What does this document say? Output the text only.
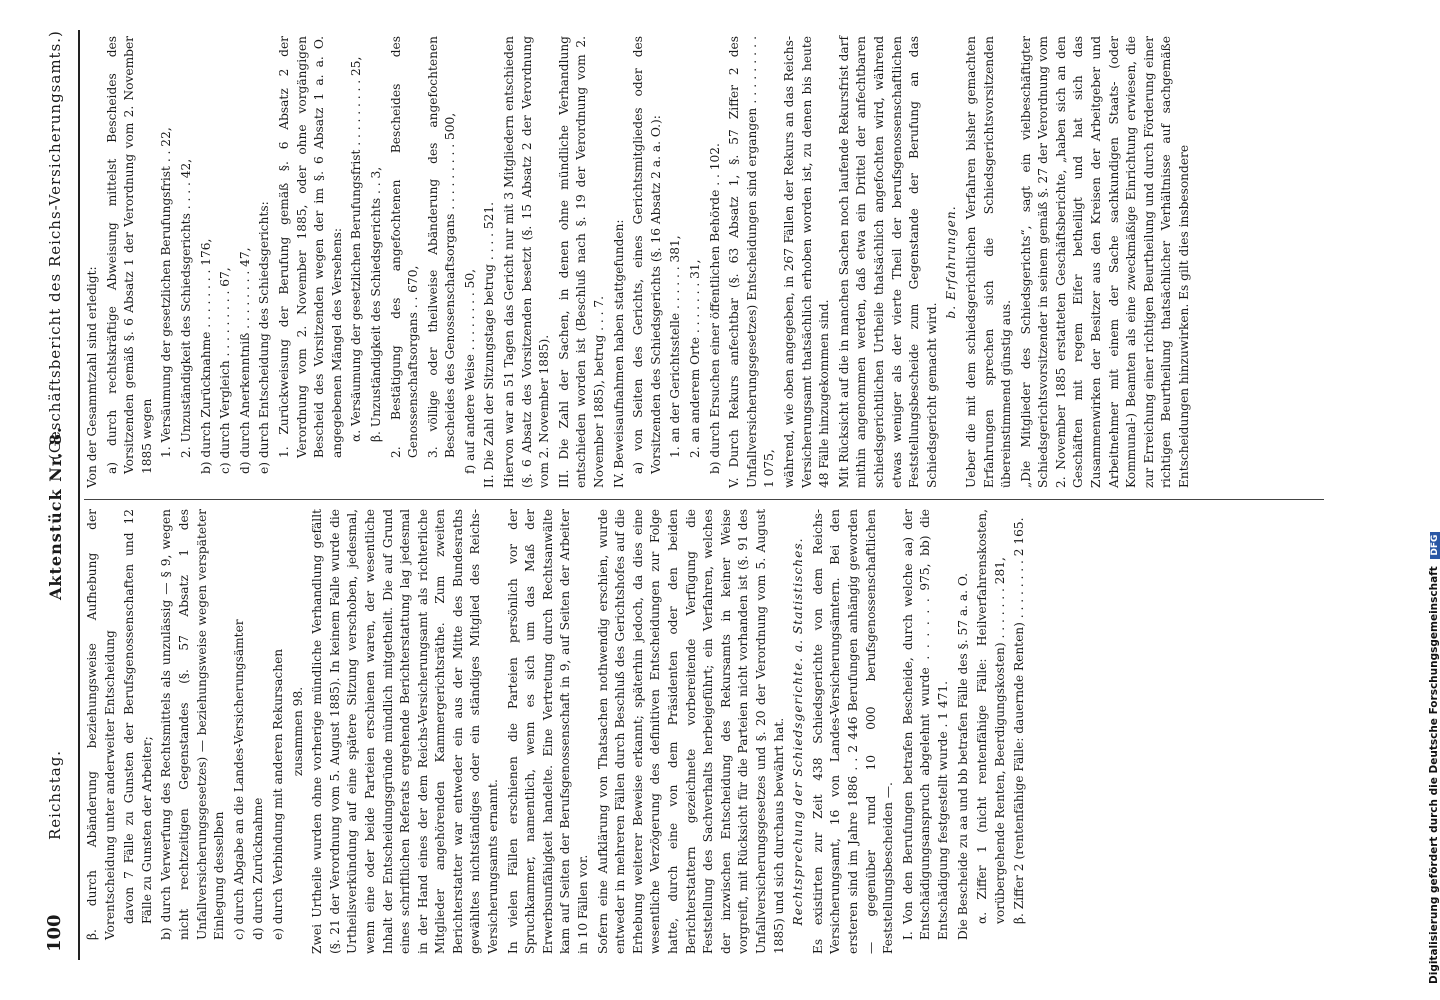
100
Reichstag.
Aktenstück Nr. 8.
(Geschäftsbericht des Reichs-Versicherungsamts.)

β. durch Abänderung beziehungsweise Aufhebung der Vorentscheidung unter anderweiter Entscheidung davon 7 Fälle zu Gunsten der Berufsgenossenschaften und 12 Fälle zu Gunsten der Arbeiter; b) durch Verwerfung des Rechtsmittels als unzulässig — § 9, wegen nicht rechtzeitigen Gegenstandes (§. 57 Absatz 1 des Unfallversicherungsgesetzes) — beziehungsweise wegen verspäteter Einlegung desselben c) durch Abgabe an die Landes-Versicherungsämter d) durch Zurücknahme e) durch Verbindung mit anderen Rekursachen zusammen 98. Zwei Urtheile wurden ohne vorherige mündliche Verhandlung gefällt (§. 21 der Verordnung vom 5. August 1885). In keinem Falle wurde die Urtheilsverkündung auf eine spätere Sitzung verschoben, jedesmal, wenn eine oder beide Parteien erschienen waren, der wesentliche Inhalt der Entscheidungsgründe mündlich mitgetheilt. Die auf Grund eines schriftlichen Referats ergehende Berichterstattung lag jedesmal in der Hand eines der dem Reichs-Versicherungsamt als richterliche Mitglieder angehörenden Kammergerichtsräthe. Zum zweiten Berichterstatter war entweder ein aus der Mitte des Bundesraths gewähltes nichtständiges oder ein ständiges Mitglied des Reichs-Versicherungsamts ernannt. In vielen Fällen erschienen die Parteien persönlich vor der Spruchkammer, namentlich, wenn es sich um das Maß der Erwerbsunfähigkeit handelte. Eine Vertretung durch Rechtsanwälte kam auf Seiten der Berufsgenossenschaft in 9, auf Seiten der Arbeiter in 10 Fällen vor. Sofern eine Aufklärung von Thatsachen nothwendig erschien, wurde entweder in mehreren Fällen durch Beschluß des Gerichtshofes auf die Erhebung weiterer Beweise erkannt; späterhin jedoch, da dies eine wesentliche Verzögerung des definitiven Entscheidungen zur Folge hatte, durch eine von dem Präsidenten oder den beiden Berichterstattern gezeichnete vorbereitende Verfügung die Feststellung des Sachverhalts herbeigeführt; ein Verfahren, welches der inzwischen Entscheidung des Rekursamts in keiner Weise vorgreift, mit Rücksicht für die Parteien nicht vorhanden ist (§. 91 des Unfallversicherungsgesetzes und §. 20 der Verordnung vom 5. August 1885) und sich durchaus bewährt hat. Rechtsprechung der Schiedsgerichte. a. Statistisches. Es existirten zur Zeit 438 Schiedsgerichte von dem Reichs-Versicherungsamt, 16 von Landes-Versicherungsämtern. Bei den ersteren sind im Jahre 1886 . . 2 446 Berufungen anhängig geworden — gegenüber rund 10 000 berufsgenossenschaftlichen Feststellungsbescheiden —. I. Von den Berufungen betrafen Bescheide, durch welche aa) der Entschädigungsanspruch abgelehnt wurde . . . . . . 975, bb) die Entschädigung festgestellt wurde . 1 471. Die Bescheide zu aa und bb betrafen Fälle des §. 57 a. a. O. α. Ziffer 1 (nicht rentenfähige Fälle: Heilverfahrenskosten, vorübergehende Renten, Beerdigungskosten) . . . . . . . 281, β. Ziffer 2 (rentenfähige Fälle: dauernde Renten) . . . . . . . . 2 165.

Von der Gesammtzahl sind erledigt: a) durch rechtskräftige Abweisung mittelst Bescheides des Vorsitzenden gemäß §. 6 Absatz 1 der Verordnung vom 2. November 1885 wegen 1. Versäumung der gesetzlichen Berufungsfrist . . 22, 2. Unzuständigkeit des Schiedsgerichts . . . . 42, b) durch Zurücknahme . . . . . . . . 176, c) durch Vergleich . . . . . . . . . 67, d) durch Anerkenntniß . . . . . . . . 47, e) durch Entscheidung des Schiedsgerichts: 1. Zurückweisung der Berufung gemäß §. 6 Absatz 2 der Verordnung vom 2. November 1885, oder ohne vorgängigen Bescheid des Vorsitzenden wegen der im §. 6 Absatz 1 a. a. O. angegebenen Mängel des Versehens: α. Versäumung der gesetzlichen Berufungsfrist . . . . . . . . . 25, β. Unzuständigkeit des Schiedsgerichts . . 3, 2. Bestätigung des angefochtenen Bescheides des Genossenschaftsorgans . . 670, 3. völlige oder theilweise Abänderung des angefochtenen Bescheides des Genossenschaftsorgans . . . . . . . . . 500, f) auf andere Weise . . . . . . . . 50, II. Die Zahl der Sitzungstage betrug . . . . 521. Hiervon war an 51 Tagen das Gericht nur mit 3 Mitgliedern entschieden (§. 6 Absatz des Vorsitzenden besetzt (§. 15 Absatz 2 der Verordnung vom 2. November 1885). III. Die Zahl der Sachen, in denen ohne mündliche Verhandlung entschieden worden ist (Beschluß nach §. 19 der Verordnung vom 2. November 1885), betrug . . . 7. IV. Beweisaufnahmen haben stattgefunden: a) von Seiten des Gerichts, eines Gerichtsmitgliedes oder des Vorsitzenden des Schiedsgerichts (§. 16 Absatz 2 a. a. O.): 1. an der Gerichtsstelle . . . . . . 381, 2. an anderem Orte . . . . . . . 31, b) durch Ersuchen einer öffentlichen Behörde . . 102. V. Durch Rekurs anfechtbar (§. 63 Absatz 1, §. 57 Ziffer 2 des Unfallversicherungsgesetzes) Entscheidungen sind ergangen . . . . . . . . . 1 075, während, wie oben angegeben, in 267 Fällen der Rekurs an das Reichs-Versicherungsamt thatsächlich erhoben worden ist, zu denen bis heute 48 Fälle hinzugekommen sind. Mit Rücksicht auf die in manchen Sachen noch laufende Rekursfrist darf mithin angenommen werden, daß etwa ein Drittel der anfechtbaren schiedsgerichtlichen Urtheile thatsächlich angefochten wird, während etwas weniger als der vierte Theil der berufsgenossenschaftlichen Feststellungsbescheide zum Gegenstande der Berufung an das Schiedsgericht gemacht wird.

b. Erfahrungen. Ueber die mit dem schiedsgerichtlichen Verfahren bisher gemachten Erfahrungen sprechen sich die Schiedsgerichtsvorsitzenden übereinstimmend günstig aus. „Die Mitglieder des Schiedsgerichts“, sagt ein vielbeschäftigter Schiedsgerichtsvorsitzender in seinem gemäß §. 27 der Verordnung vom 2. November 1885 erstatteten Geschäftsberichte, „haben sich an den Geschäften mit regem Eifer betheiligt und hat sich das Zusammenwirken der Besitzer aus den Kreisen der Arbeitgeber und Arbeitnehmer mit einem der Sache sachkundigen Staats- (oder Kommunal-) Beamten als eine zweckmäßige Einrichtung erwiesen, die zur Erreichung einer richtigen Beurtheilung und durch Förderung einer richtigen Beurtheilung thatsächlicher Verhältnisse auf sachgemäße Entscheidungen hinzuwirken. Es gilt dies insbesondere

Digitalisierung gefördert durch die Deutsche Forschungsgemeinschaft DFG
